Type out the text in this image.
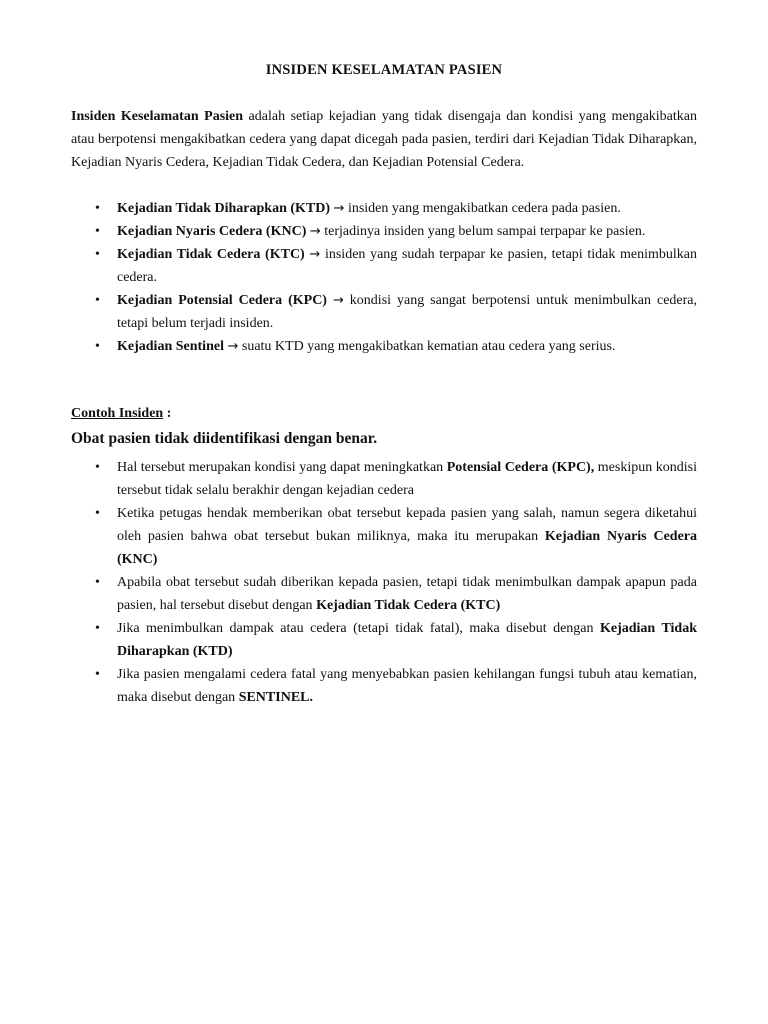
INSIDEN KESELAMATAN PASIEN
Insiden Keselamatan Pasien adalah setiap kejadian yang tidak disengaja dan kondisi yang mengakibatkan atau berpotensi mengakibatkan cedera yang dapat dicegah pada pasien, terdiri dari Kejadian Tidak Diharapkan, Kejadian Nyaris Cedera, Kejadian Tidak Cedera, dan Kejadian Potensial Cedera.
• Kejadian Tidak Diharapkan (KTD) → insiden yang mengakibatkan cedera pada pasien.
• Kejadian Nyaris Cedera (KNC) → terjadinya insiden yang belum sampai terpapar ke pasien.
• Kejadian Tidak Cedera (KTC) → insiden yang sudah terpapar ke pasien, tetapi tidak menimbulkan cedera.
• Kejadian Potensial Cedera (KPC) → kondisi yang sangat berpotensi untuk menimbulkan cedera, tetapi belum terjadi insiden.
• Kejadian Sentinel → suatu KTD yang mengakibatkan kematian atau cedera yang serius.
Contoh Insiden :
Obat pasien tidak diidentifikasi dengan benar.
• Hal tersebut merupakan kondisi yang dapat meningkatkan Potensial Cedera (KPC), meskipun kondisi tersebut tidak selalu berakhir dengan kejadian cedera
• Ketika petugas hendak memberikan obat tersebut kepada pasien yang salah, namun segera diketahui oleh pasien bahwa obat tersebut bukan miliknya, maka itu merupakan Kejadian Nyaris Cedera (KNC)
• Apabila obat tersebut sudah diberikan kepada pasien, tetapi tidak menimbulkan dampak apapun pada pasien, hal tersebut disebut dengan Kejadian Tidak Cedera (KTC)
• Jika menimbulkan dampak atau cedera (tetapi tidak fatal), maka disebut dengan Kejadian Tidak Diharapkan (KTD)
• Jika pasien mengalami cedera fatal yang menyebabkan pasien kehilangan fungsi tubuh atau kematian, maka disebut dengan SENTINEL.
